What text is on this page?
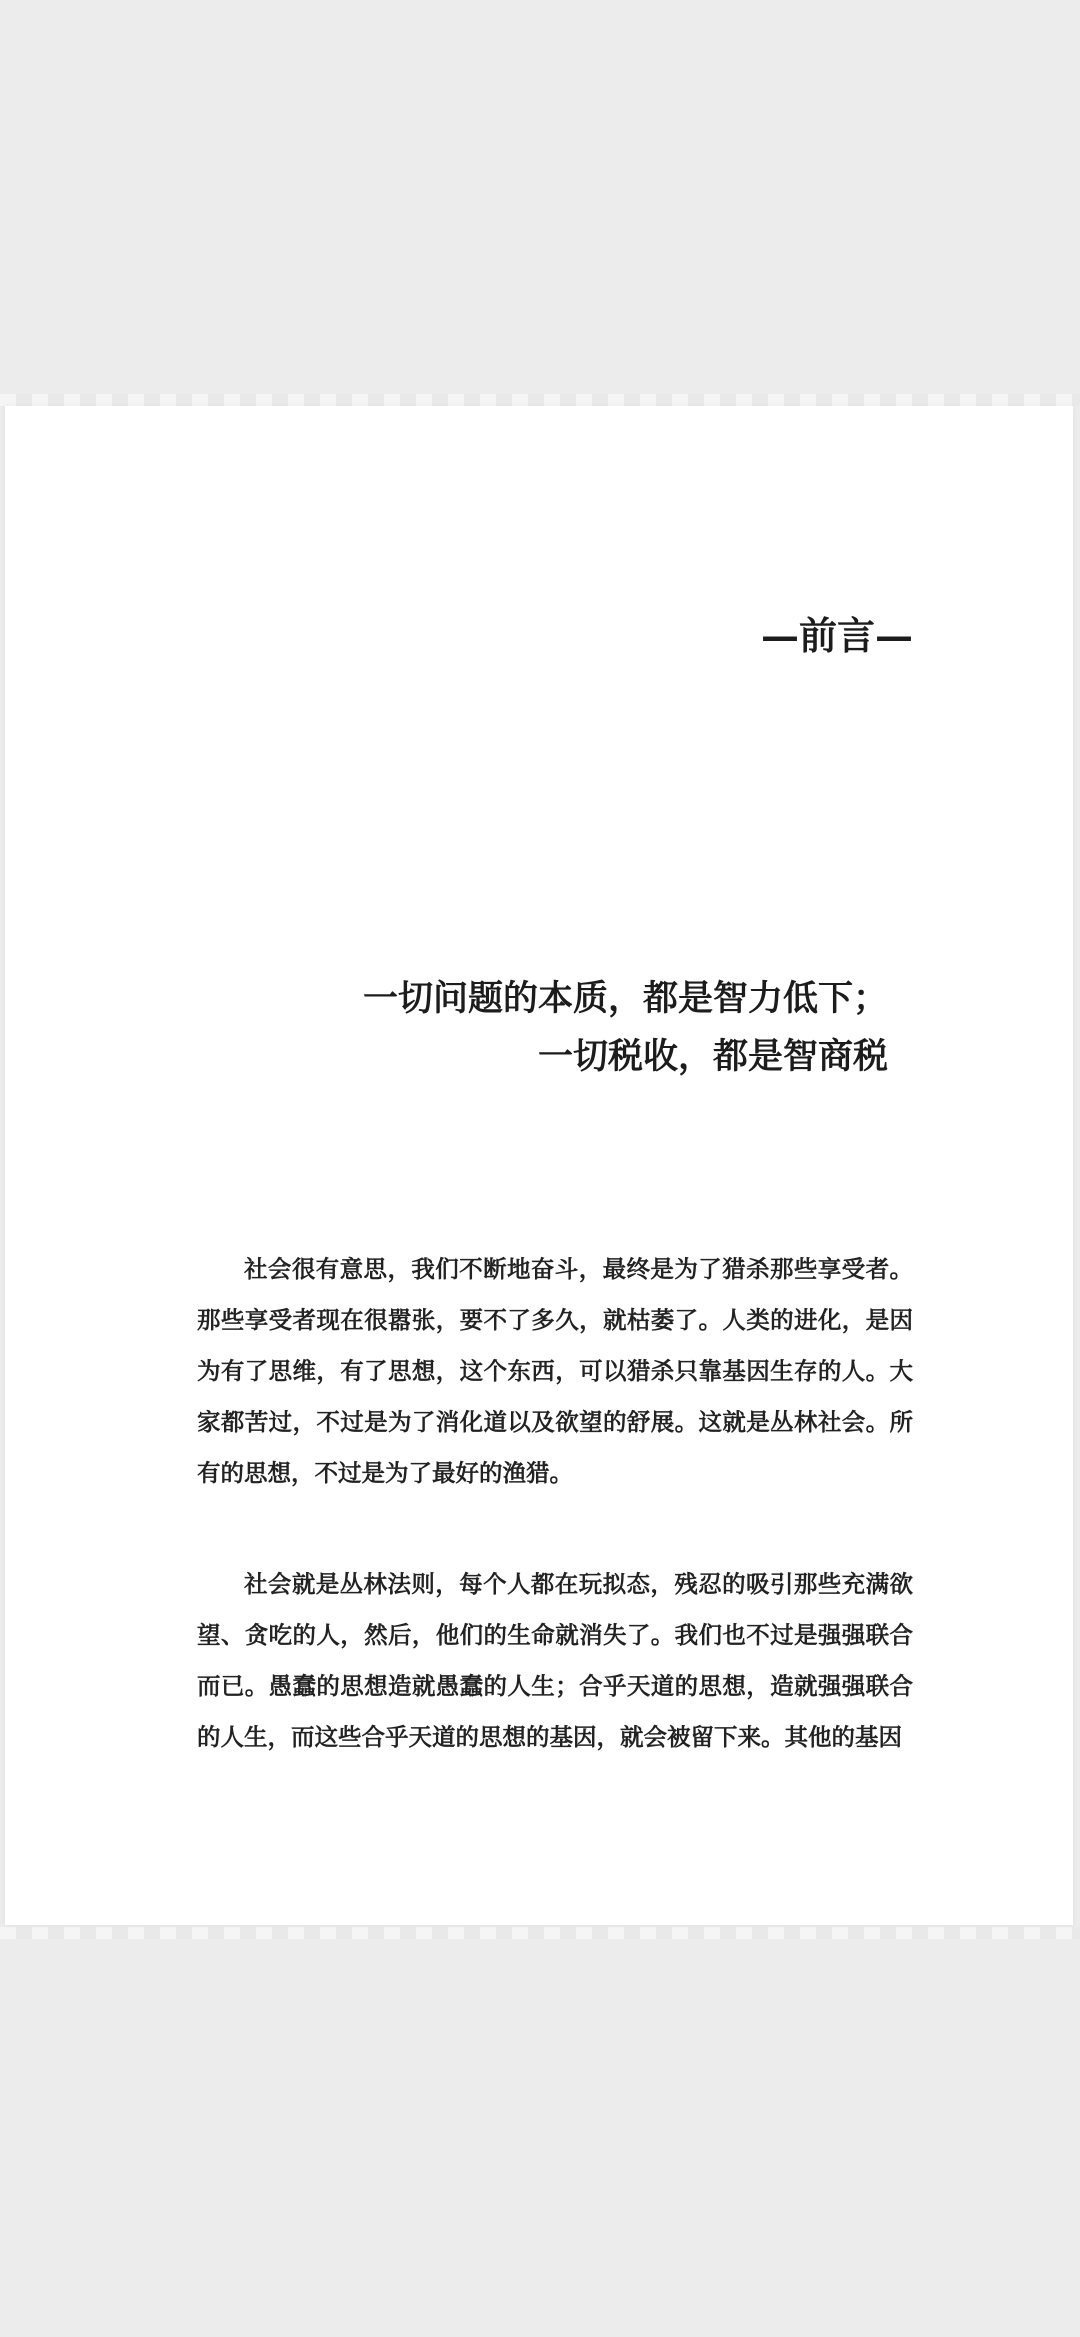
—前言—
一切问题的本质，都是智力低下；
一切税收，都是智商税

社会很有意思，我们不断地奋斗，最终是为了猎杀那些享受者。那些享受者现在很嚣张，要不了多久，就枯萎了。人类的进化，是因为有了思维，有了思想，这个东西，可以猎杀只靠基因生存的人。大家都苦过，不过是为了消化道以及欲望的舒展。这就是丛林社会。所有的思想，不过是为了最好的渔猎。

社会就是丛林法则，每个人都在玩拟态，残忍的吸引那些充满欲望、贪吃的人，然后，他们的生命就消失了。我们也不过是强强联合而已。愚蠢的思想造就愚蠢的人生；合乎天道的思想，造就强强联合的人生，而这些合乎天道的思想的基因，就会被留下来。其他的基因
